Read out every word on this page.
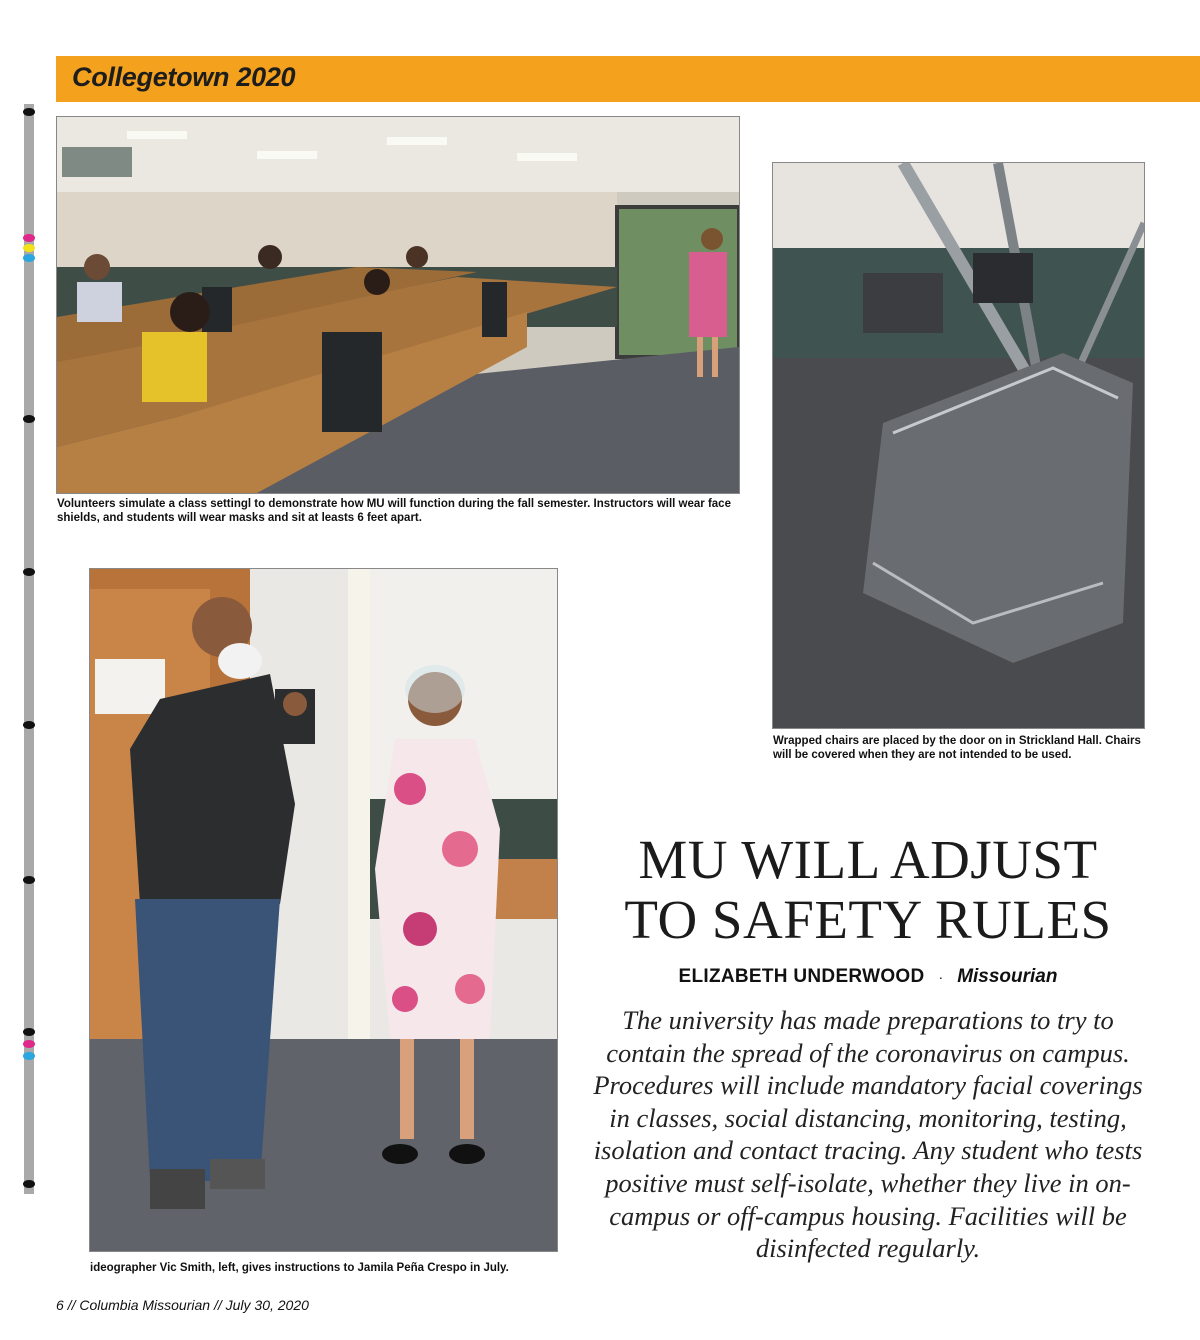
Collegetown 2020
Volunteers simulate a class settingl to demonstrate how MU will function during the fall semester. Instructors will wear face shields, and students will wear masks and sit at leasts 6 feet apart.
Wrapped chairs are placed by the door on in Strickland Hall. Chairs will be covered when they are not intended to be used.
ideographer Vic Smith, left, gives instructions to Jamila Peña Crespo in July.
MU WILL ADJUST
TO SAFETY RULES
ELIZABETH UNDERWOOD · Missourian
The university has made preparations to try to contain the spread of the coronavirus on campus. Procedures will include mandatory facial coverings in classes, social distancing, monitoring, testing, isolation and contact tracing. Any student who tests positive must self-isolate, whether they live in on-campus or off-campus housing. Facilities will be disinfected regularly.
6 // Columbia Missourian // July 30, 2020
